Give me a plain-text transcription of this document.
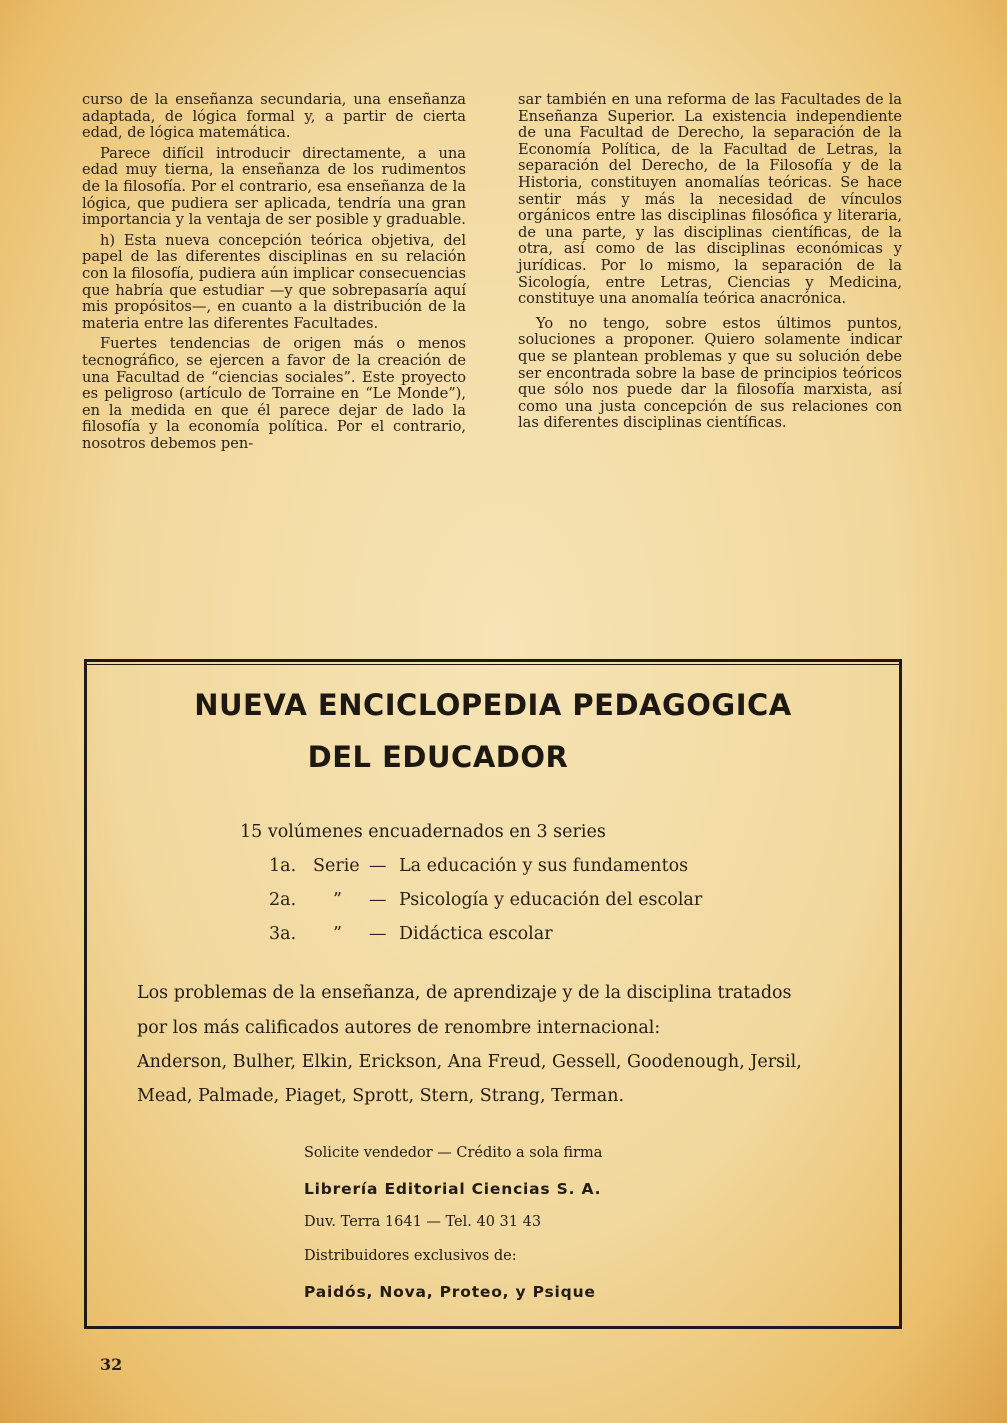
curso de la enseñanza secundaria, una enseñanza adaptada, de lógica formal y, a partir de cierta edad, de lógica matemática.

Parece difícil introducir directamente, a una edad muy tierna, la enseñanza de los rudimentos de la filosofía. Por el contrario, esa enseñanza de la lógica, que pudiera ser aplicada, tendría una gran importancia y la ventaja de ser posible y graduable.

h) Esta nueva concepción teórica objetiva, del papel de las diferentes disciplinas en su relación con la filosofía, pudiera aún implicar consecuencias que habría que estudiar —y que sobrepasaría aquí mis propósitos—, en cuanto a la distribución de la materia entre las diferentes Facultades.

Fuertes tendencias de origen más o menos tecnográfico, se ejercen a favor de la creación de una Facultad de “ciencias sociales”. Este proyecto es peligroso (artículo de Torraine en “Le Monde”), en la medida en que él parece dejar de lado la filosofía y la economía política. Por el contrario, nosotros debemos pen-

sar también en una reforma de las Facultades de la Enseñanza Superior. La existencia independiente de una Facultad de Derecho, la separación de la Economía Política, de la Facultad de Letras, la separación del Derecho, de la Filosofía y de la Historia, constituyen anomalías teóricas. Se hace sentir más y más la necesidad de vínculos orgánicos entre las disciplinas filosófica y literaria, de una parte, y las disciplinas científicas, de la otra, así como de las disciplinas económicas y jurídicas. Por lo mismo, la separación de la Sicología, entre Letras, Ciencias y Medicina, constituye una anomalía teórica anacrónica.

Yo no tengo, sobre estos últimos puntos, soluciones a proponer. Quiero solamente indicar que se plantean problemas y que su solución debe ser encontrada sobre la base de principios teóricos que sólo nos puede dar la filosofía marxista, así como una justa concepción de sus relaciones con las diferentes disciplinas científicas.

NUEVA ENCICLOPEDIA PEDAGOGICA
DEL EDUCADOR
15 volúmenes encuadernados en 3 series
1a. Serie — La educación y sus fundamentos
2a. ” — Psicología y educación del escolar
3a. ” — Didáctica escolar
Los problemas de la enseñanza, de aprendizaje y de la disciplina tratados
por los más calificados autores de renombre internacional:
Anderson, Bulher, Elkin, Erickson, Ana Freud, Gessell, Goodenough, Jersil,
Mead, Palmade, Piaget, Sprott, Stern, Strang, Terman.
Solicite vendedor — Crédito a sola firma
Librería Editorial Ciencias S. A.
Duv. Terra 1641 — Tel. 40 31 43
Distribuidores exclusivos de:
Paidós, Nova, Proteo, y Psique
32
